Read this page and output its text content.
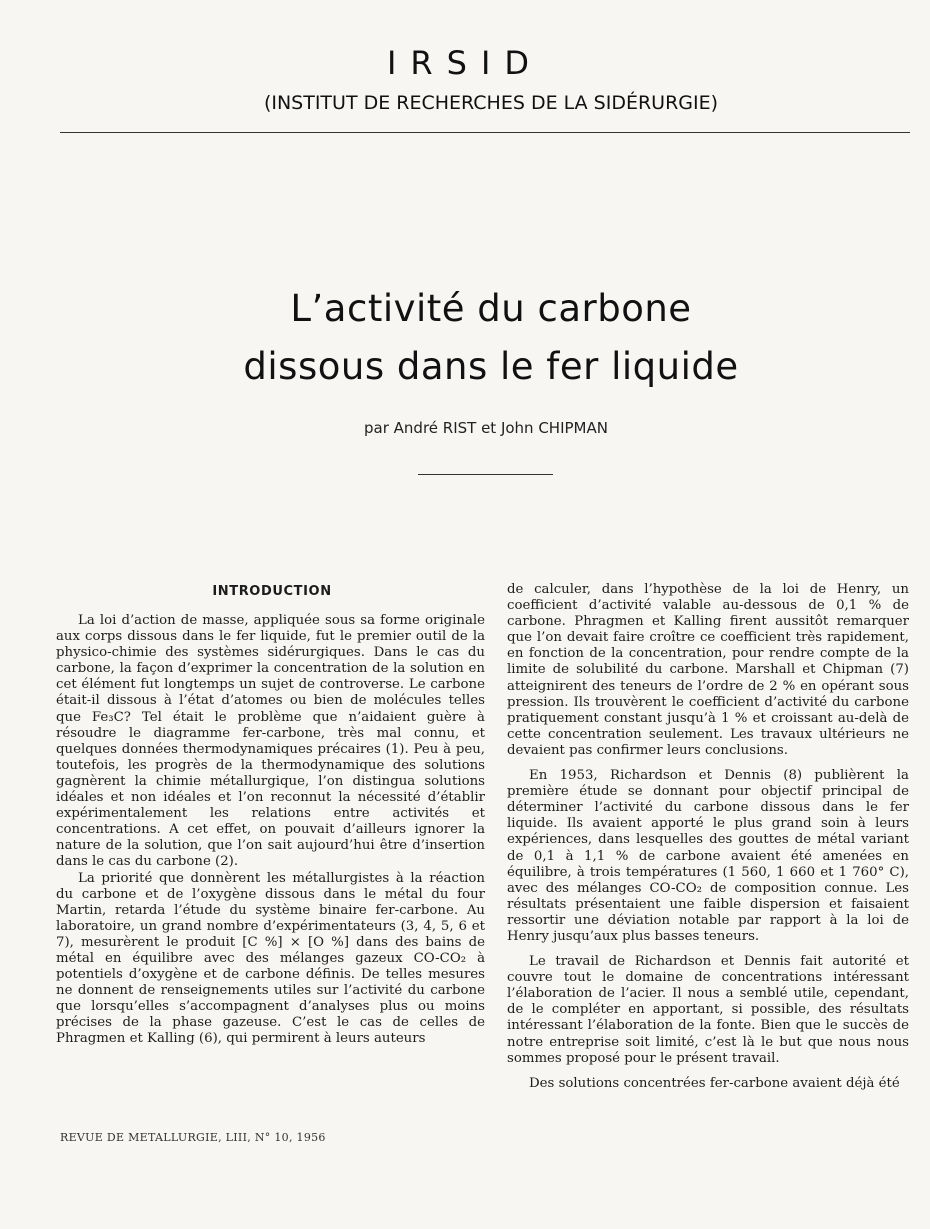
IRSID
(INSTITUT DE RECHERCHES DE LA SIDÉRURGIE)
L’activité du carbone
dissous dans le fer liquide
par André RIST et John CHIPMAN
INTRODUCTION

La loi d’action de masse, appliquée sous sa forme originale aux corps dissous dans le fer liquide, fut le premier outil de la physico-chimie des systèmes sidérurgiques. Dans le cas du carbone, la façon d’exprimer la concentration de la solution en cet élément fut longtemps un sujet de controverse. Le carbone était-il dissous à l’état d’atomes ou bien de molécules telles que Fe₃C? Tel était le problème que n’aidaient guère à résoudre le diagramme fer-carbone, très mal connu, et quelques données thermodynamiques précaires (1). Peu à peu, toutefois, les progrès de la thermodynamique des solutions gagnèrent la chimie métallurgique, l’on distingua solutions idéales et non idéales et l’on reconnut la nécessité d’établir expérimentalement les relations entre activités et concentrations. A cet effet, on pouvait d’ailleurs ignorer la nature de la solution, que l’on sait aujourd’hui être d’insertion dans le cas du carbone (2).

La priorité que donnèrent les métallurgistes à la réaction du carbone et de l’oxygène dissous dans le métal du four Martin, retarda l’étude du système binaire fer-carbone. Au laboratoire, un grand nombre d’expérimentateurs (3, 4, 5, 6 et 7), mesurèrent le produit [C %] × [O %] dans des bains de métal en équilibre avec des mélanges gazeux CO-CO₂ à potentiels d’oxygène et de carbone définis. De telles mesures ne donnent de renseignements utiles sur l’activité du carbone que lorsqu’elles s’accompagnent d’analyses plus ou moins précises de la phase gazeuse. C’est le cas de celles de Phragmen et Kalling (6), qui permirent à leurs auteurs

de calculer, dans l’hypothèse de la loi de Henry, un coefficient d’activité valable au-dessous de 0,1 % de carbone. Phragmen et Kalling firent aussitôt remarquer que l’on devait faire croître ce coefficient très rapidement, en fonction de la concentration, pour rendre compte de la limite de solubilité du carbone. Marshall et Chipman (7) atteignirent des teneurs de l’ordre de 2 % en opérant sous pression. Ils trouvèrent le coefficient d’activité du carbone pratiquement constant jusqu’à 1 % et croissant au-delà de cette concentration seulement. Les travaux ultérieurs ne devaient pas confirmer leurs conclusions.

En 1953, Richardson et Dennis (8) publièrent la première étude se donnant pour objectif principal de déterminer l’activité du carbone dissous dans le fer liquide. Ils avaient apporté le plus grand soin à leurs expériences, dans lesquelles des gouttes de métal variant de 0,1 à 1,1 % de carbone avaient été amenées en équilibre, à trois températures (1 560, 1 660 et 1 760° C), avec des mélanges CO-CO₂ de composition connue. Les résultats présentaient une faible dispersion et faisaient ressortir une déviation notable par rapport à la loi de Henry jusqu’aux plus basses teneurs.

Le travail de Richardson et Dennis fait autorité et couvre tout le domaine de concentrations intéressant l’élaboration de l’acier. Il nous a semblé utile, cependant, de le compléter en apportant, si possible, des résultats intéressant l’élaboration de la fonte. Bien que le succès de notre entreprise soit limité, c’est là le but que nous nous sommes proposé pour le présent travail.

Des solutions concentrées fer-carbone avaient déjà été

REVUE DE METALLURGIE, LIII, N° 10, 1956
